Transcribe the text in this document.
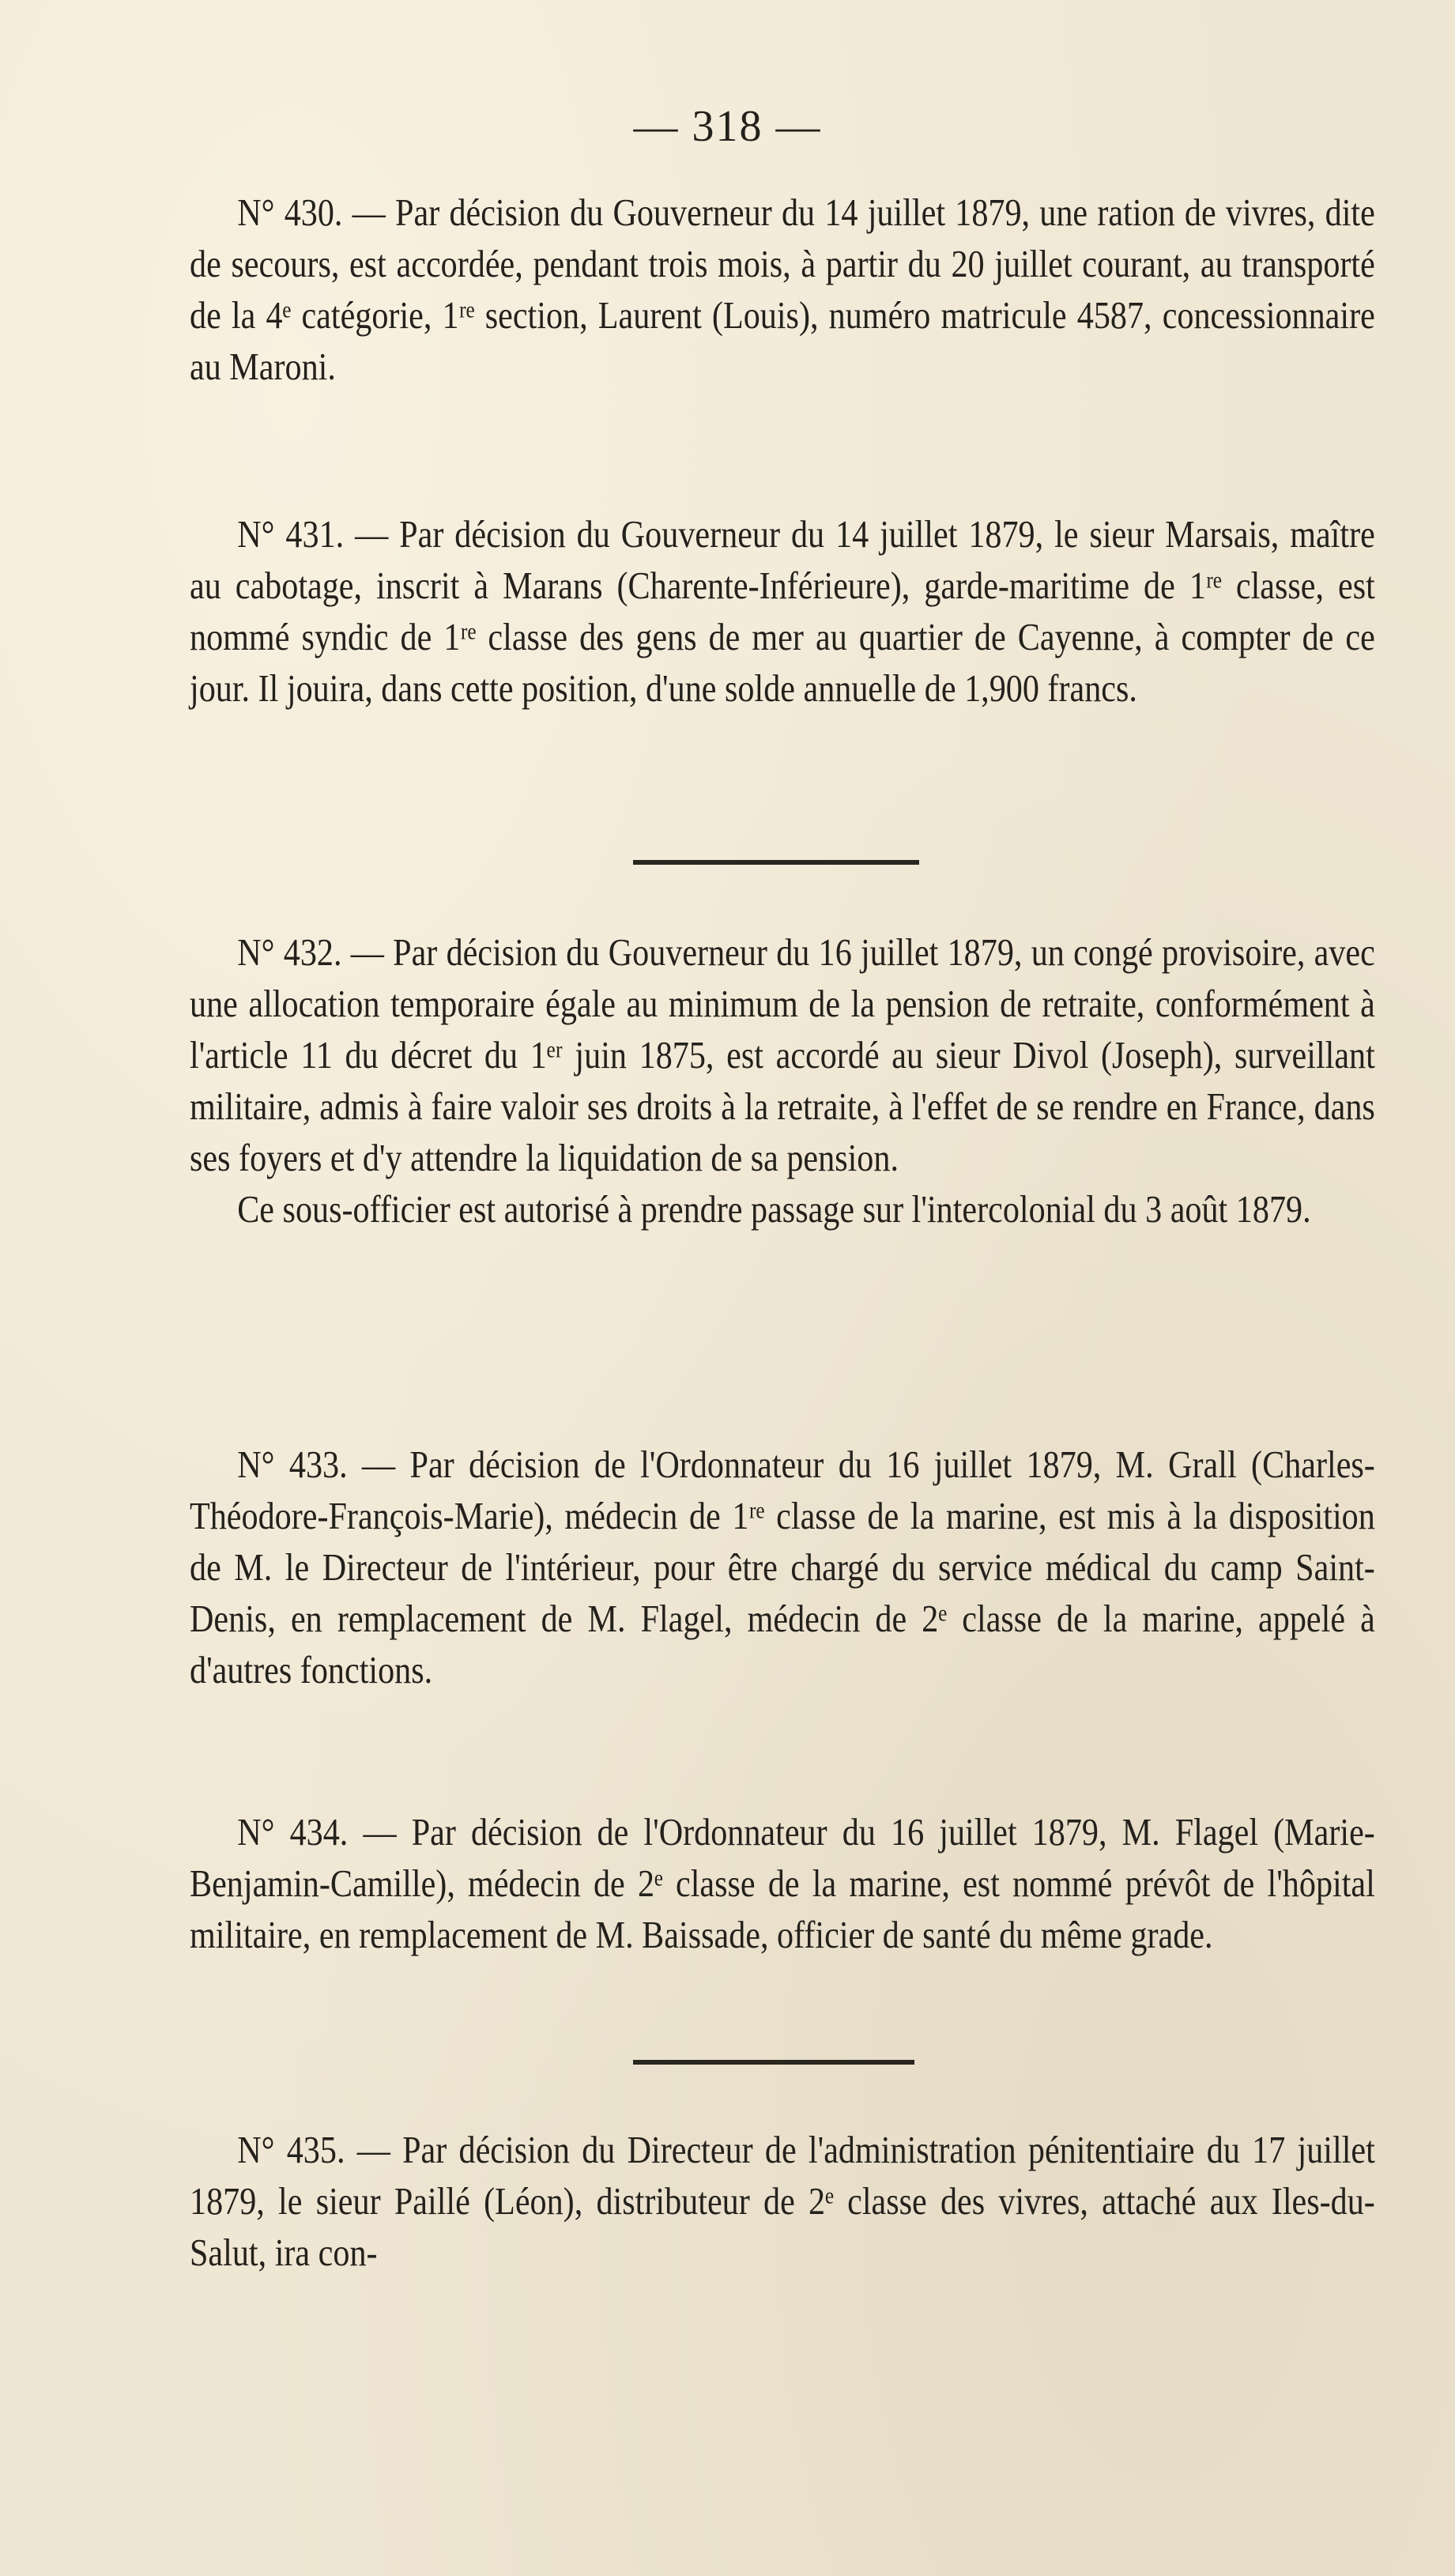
— 318 —

N° 430. — Par décision du Gouverneur du 14 juillet 1879, une ration de vivres, dite de secours, est accordée, pendant trois mois, à partir du 20 juillet courant, au transporté de la 4ᵉ catégorie, 1ʳᵉ section, Laurent (Louis), numéro matricule 4587, concessionnaire au Maroni.

N° 431. — Par décision du Gouverneur du 14 juillet 1879, le sieur Marsais, maître au cabotage, inscrit à Marans (Charente-Inférieure), garde-maritime de 1ʳᵉ classe, est nommé syndic de 1ʳᵉ classe des gens de mer au quartier de Cayenne, à compter de ce jour. Il jouira, dans cette position, d'une solde annuelle de 1,900 francs.

N° 432. — Par décision du Gouverneur du 16 juillet 1879, un congé provisoire, avec une allocation temporaire égale au minimum de la pension de retraite, conformément à l'article 11 du décret du 1ᵉʳ juin 1875, est accordé au sieur Divol (Joseph), surveillant militaire, admis à faire valoir ses droits à la retraite, à l'effet de se rendre en France, dans ses foyers et d'y attendre la liquidation de sa pension.

Ce sous-officier est autorisé à prendre passage sur l'intercolonial du 3 août 1879.

N° 433. — Par décision de l'Ordonnateur du 16 juillet 1879, M. Grall (Charles-Théodore-François-Marie), médecin de 1ʳᵉ classe de la marine, est mis à la disposition de M. le Directeur de l'intérieur, pour être chargé du service médical du camp Saint-Denis, en remplacement de M. Flagel, médecin de 2ᵉ classe de la marine, appelé à d'autres fonctions.

N° 434. — Par décision de l'Ordonnateur du 16 juillet 1879, M. Flagel (Marie-Benjamin-Camille), médecin de 2ᵉ classe de la marine, est nommé prévôt de l'hôpital militaire, en remplacement de M. Baissade, officier de santé du même grade.

N° 435. — Par décision du Directeur de l'administration pénitentiaire du 17 juillet 1879, le sieur Paillé (Léon), distributeur de 2ᵉ classe des vivres, attaché aux Iles-du-Salut, ira con-
